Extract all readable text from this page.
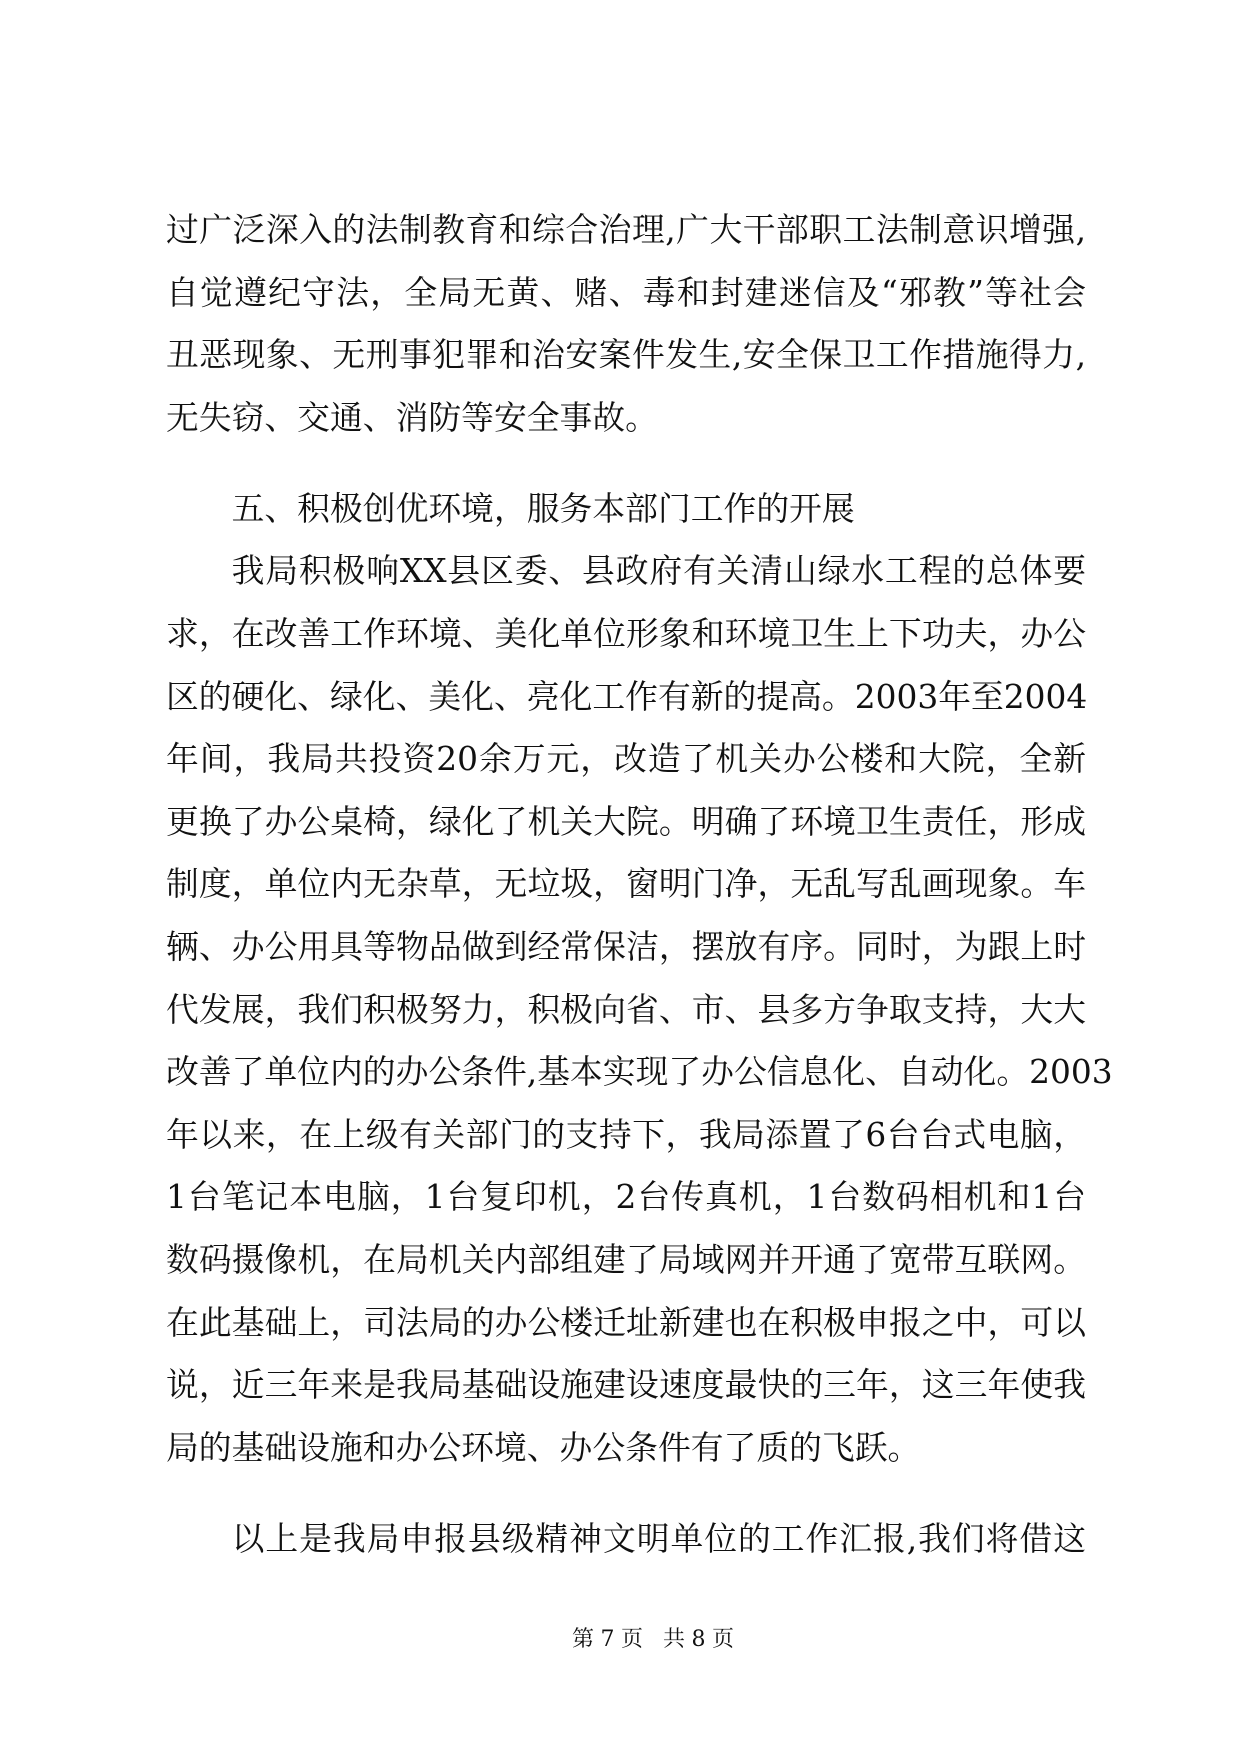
过广泛深入的法制教育和综合治理,广大干部职工法制意识增强,
自觉遵纪守法，全局无黄、赌、毒和封建迷信及“邪教”等社会
丑恶现象、无刑事犯罪和治安案件发生,安全保卫工作措施得力,
无失窃、交通、消防等安全事故。
五、积极创优环境，服务本部门工作的开展
我局积极响XX县区委、县政府有关清山绿水工程的总体要
求，在改善工作环境、美化单位形象和环境卫生上下功夫，办公
区的硬化、绿化、美化、亮化工作有新的提高。2003年至2004
年间，我局共投资20余万元，改造了机关办公楼和大院，全新
更换了办公桌椅，绿化了机关大院。明确了环境卫生责任，形成
制度，单位内无杂草，无垃圾，窗明门净，无乱写乱画现象。车
辆、办公用具等物品做到经常保洁，摆放有序。同时，为跟上时
代发展，我们积极努力，积极向省、市、县多方争取支持，大大
改善了单位内的办公条件,基本实现了办公信息化、自动化。2003
年以来，在上级有关部门的支持下，我局添置了6台台式电脑，
1台笔记本电脑，1台复印机，2台传真机，1台数码相机和1台
数码摄像机，在局机关内部组建了局域网并开通了宽带互联网。
在此基础上，司法局的办公楼迁址新建也在积极申报之中，可以
说，近三年来是我局基础设施建设速度最快的三年，这三年使我
局的基础设施和办公环境、办公条件有了质的飞跃。
以上是我局申报县级精神文明单位的工作汇报,我们将借这
第7页 共8页
